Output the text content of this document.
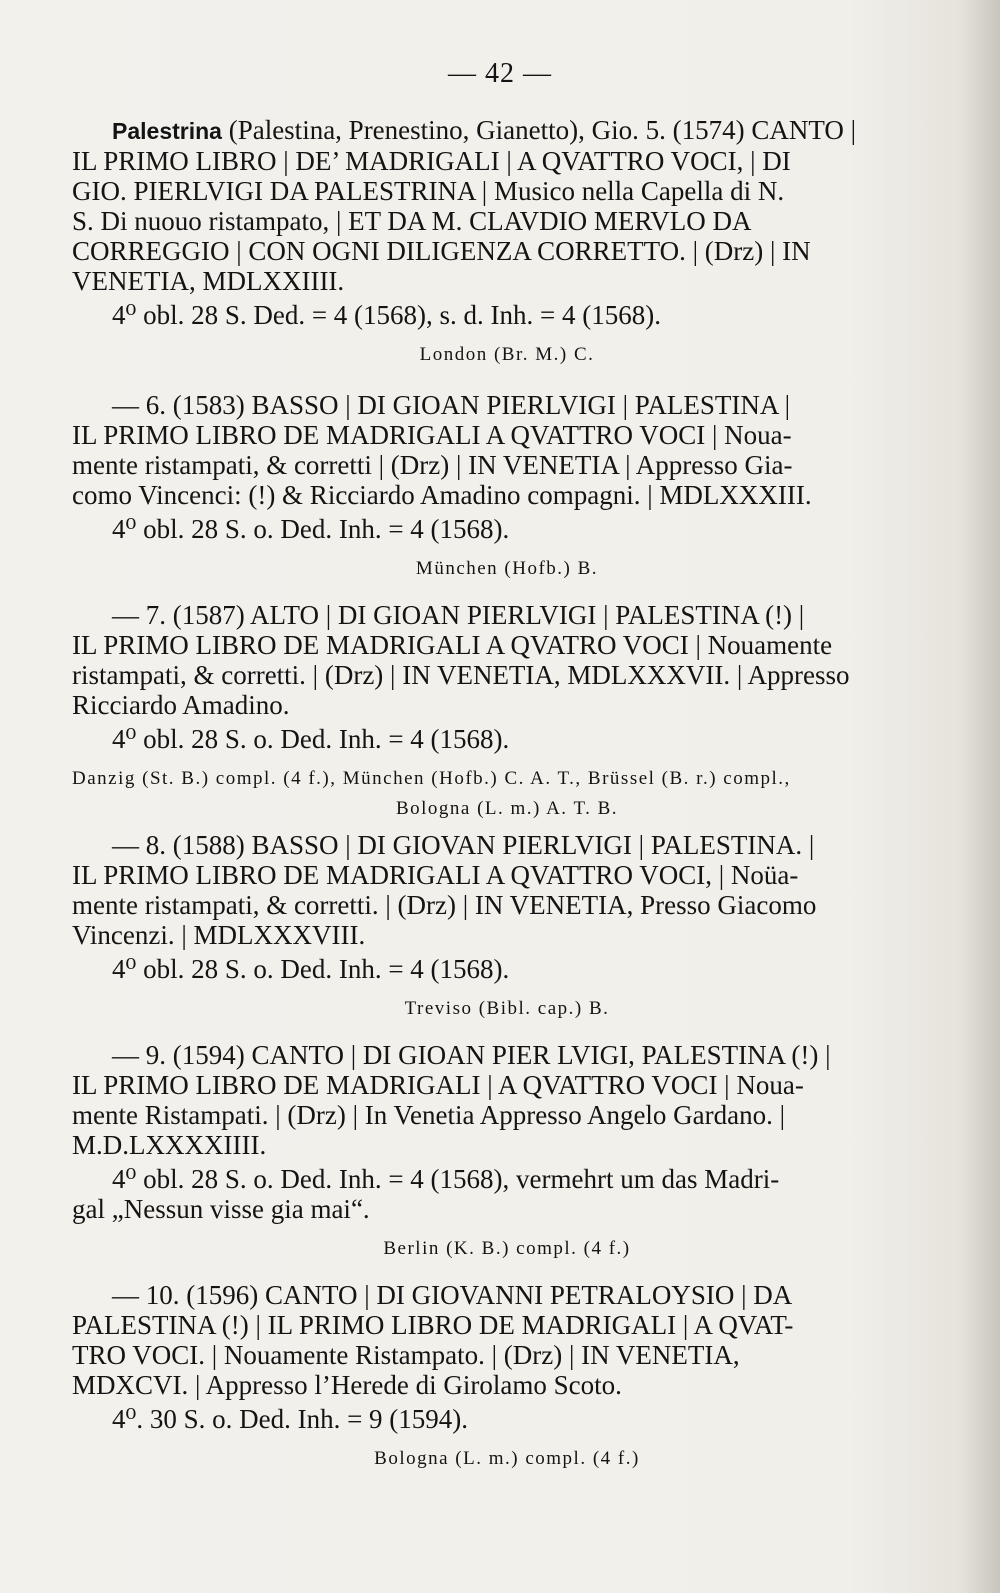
— 42 —
Palestrina (Palestina, Prenestino, Gianetto), Gio. 5. (1574) CANTO |
IL PRIMO LIBRO | DE’ MADRIGALI | A QVATTRO VOCI, | DI
GIO. PIERLVIGI DA PALESTRINA | Musico nella Capella di N.
S. Di nuouo ristampato, | ET DA M. CLAVDIO MERVLO DA
CORREGGIO | CON OGNI DILIGENZA CORRETTO. | (Drz) | IN
VENETIA, MDLXXIIII.
4⁰ obl. 28 S. Ded. = 4 (1568), s. d. Inh. = 4 (1568).
London (Br. M.) C.
— 6. (1583) BASSO | DI GIOAN PIERLVIGI | PALESTINA |
IL PRIMO LIBRO DE MADRIGALI A QVATTRO VOCI | Noua-
mente ristampati, & corretti | (Drz) | IN VENETIA | Appresso Gia-
como Vincenci: (!) & Ricciardo Amadino compagni. | MDLXXXIII.
4⁰ obl. 28 S. o. Ded. Inh. = 4 (1568).
München (Hofb.) B.
— 7. (1587) ALTO | DI GIOAN PIERLVIGI | PALESTINA (!) |
IL PRIMO LIBRO DE MADRIGALI A QVATRO VOCI | Nouamente
ristampati, & corretti. | (Drz) | IN VENETIA, MDLXXXVII. | Appresso
Ricciardo Amadino.
4⁰ obl. 28 S. o. Ded. Inh. = 4 (1568).
Danzig (St. B.) compl. (4 f.), München (Hofb.) C. A. T., Brüssel (B. r.) compl.,
Bologna (L. m.) A. T. B.
— 8. (1588) BASSO | DI GIOVAN PIERLVIGI | PALESTINA. |
IL PRIMO LIBRO DE MADRIGALI A QVATTRO VOCI, | Noüa-
mente ristampati, & corretti. | (Drz) | IN VENETIA, Presso Giacomo
Vincenzi. | MDLXXXVIII.
4⁰ obl. 28 S. o. Ded. Inh. = 4 (1568).
Treviso (Bibl. cap.) B.
— 9. (1594) CANTO | DI GIOAN PIER LVIGI, PALESTINA (!) |
IL PRIMO LIBRO DE MADRIGALI | A QVATTRO VOCI | Noua-
mente Ristampati. | (Drz) | In Venetia Appresso Angelo Gardano. |
M.D.LXXXXIIII.
4⁰ obl. 28 S. o. Ded. Inh. = 4 (1568), vermehrt um das Madri-
gal „Nessun visse gia mai“.
Berlin (K. B.) compl. (4 f.)
— 10. (1596) CANTO | DI GIOVANNI PETRALOYSIO | DA
PALESTINA (!) | IL PRIMO LIBRO DE MADRIGALI | A QVAT-
TRO VOCI. | Nouamente Ristampato. | (Drz) | IN VENETIA,
MDXCVI. | Appresso l’Herede di Girolamo Scoto.
4⁰. 30 S. o. Ded. Inh. = 9 (1594).
Bologna (L. m.) compl. (4 f.)
